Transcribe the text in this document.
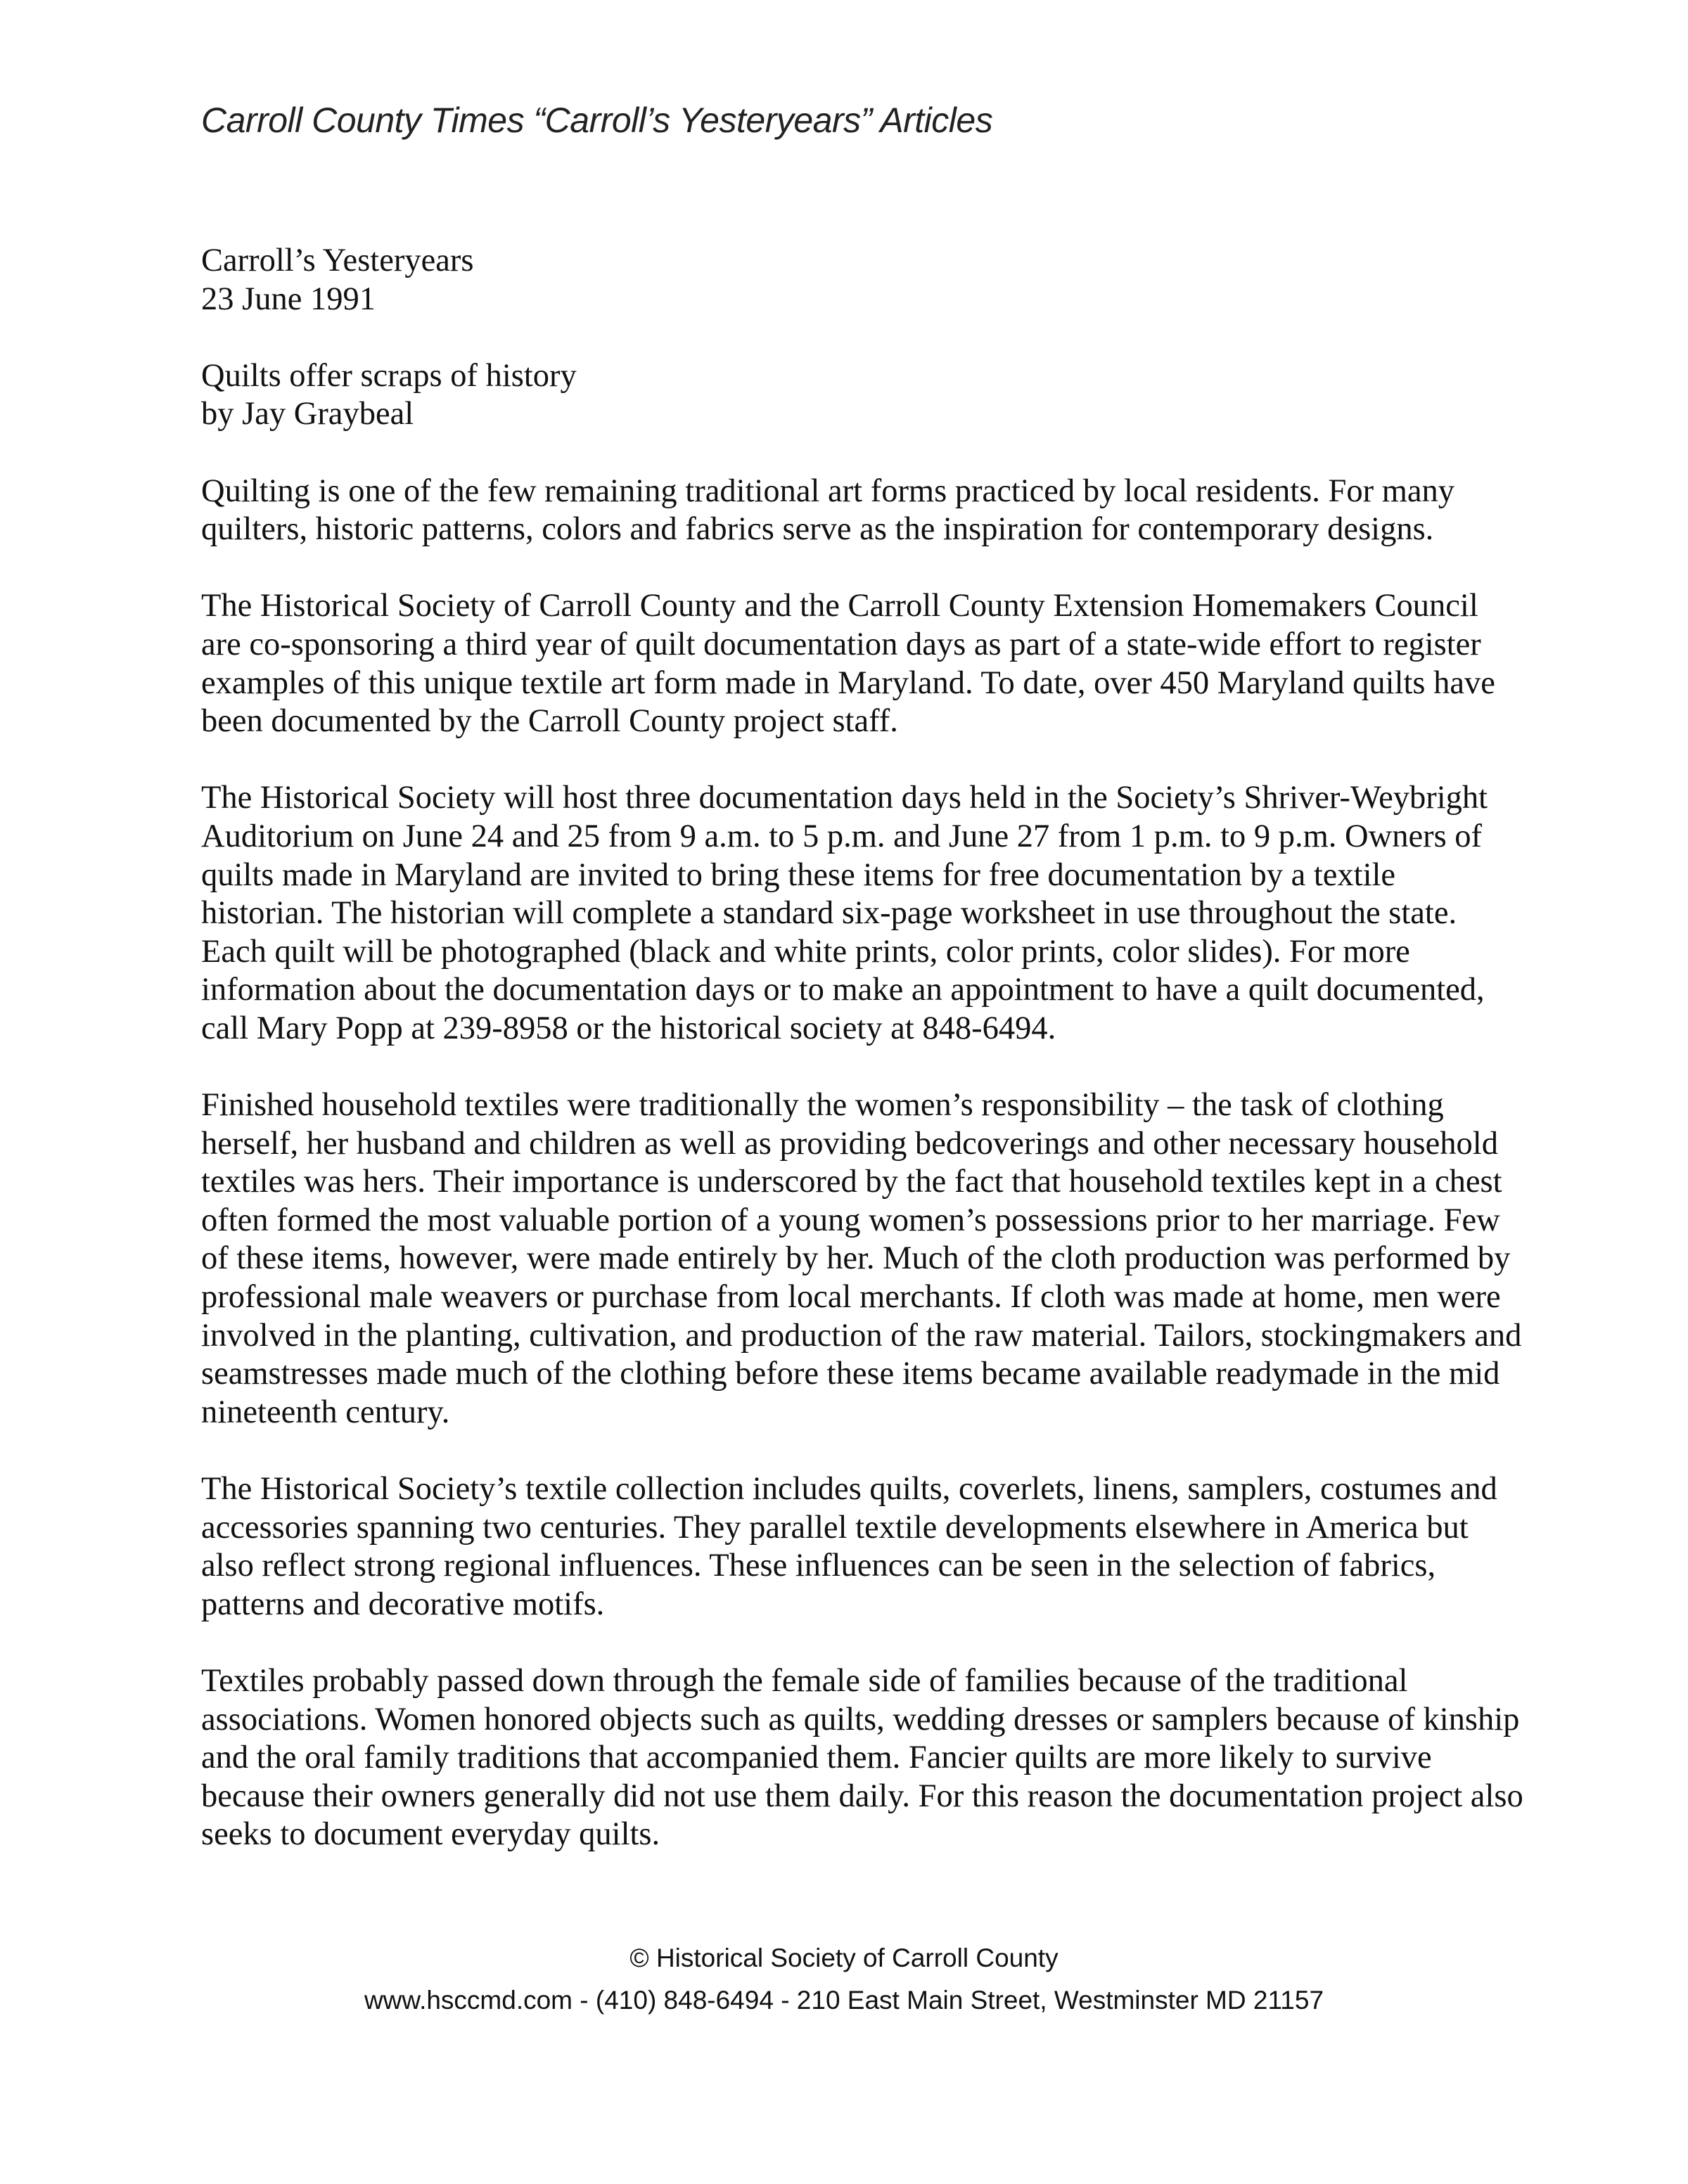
Carroll County Times “Carroll’s Yesteryears” Articles

Carroll’s Yesteryears
23 June 1991

Quilts offer scraps of history
by Jay Graybeal

Quilting is one of the few remaining traditional art forms practiced by local residents. For many quilters, historic patterns, colors and fabrics serve as the inspiration for contemporary designs.

The Historical Society of Carroll County and the Carroll County Extension Homemakers Council are co-sponsoring a third year of quilt documentation days as part of a state-wide effort to register examples of this unique textile art form made in Maryland. To date, over 450 Maryland quilts have been documented by the Carroll County project staff.

The Historical Society will host three documentation days held in the Society’s Shriver-Weybright Auditorium on June 24 and 25 from 9 a.m. to 5 p.m. and June 27 from 1 p.m. to 9 p.m. Owners of quilts made in Maryland are invited to bring these items for free documentation by a textile historian. The historian will complete a standard six-page worksheet in use throughout the state. Each quilt will be photographed (black and white prints, color prints, color slides). For more information about the documentation days or to make an appointment to have a quilt documented, call Mary Popp at 239-8958 or the historical society at 848-6494.

Finished household textiles were traditionally the women’s responsibility – the task of clothing herself, her husband and children as well as providing bedcoverings and other necessary household textiles was hers. Their importance is underscored by the fact that household textiles kept in a chest often formed the most valuable portion of a young women’s possessions prior to her marriage. Few of these items, however, were made entirely by her. Much of the cloth production was performed by professional male weavers or purchase from local merchants. If cloth was made at home, men were involved in the planting, cultivation, and production of the raw material. Tailors, stockingmakers and seamstresses made much of the clothing before these items became available readymade in the mid nineteenth century.

The Historical Society’s textile collection includes quilts, coverlets, linens, samplers, costumes and accessories spanning two centuries. They parallel textile developments elsewhere in America but also reflect strong regional influences. These influences can be seen in the selection of fabrics, patterns and decorative motifs.

Textiles probably passed down through the female side of families because of the traditional associations. Women honored objects such as quilts, wedding dresses or samplers because of kinship and the oral family traditions that accompanied them. Fancier quilts are more likely to survive because their owners generally did not use them daily. For this reason the documentation project also seeks to document everyday quilts.

© Historical Society of Carroll County
www.hsccmd.com - (410) 848-6494 - 210 East Main Street, Westminster MD 21157
